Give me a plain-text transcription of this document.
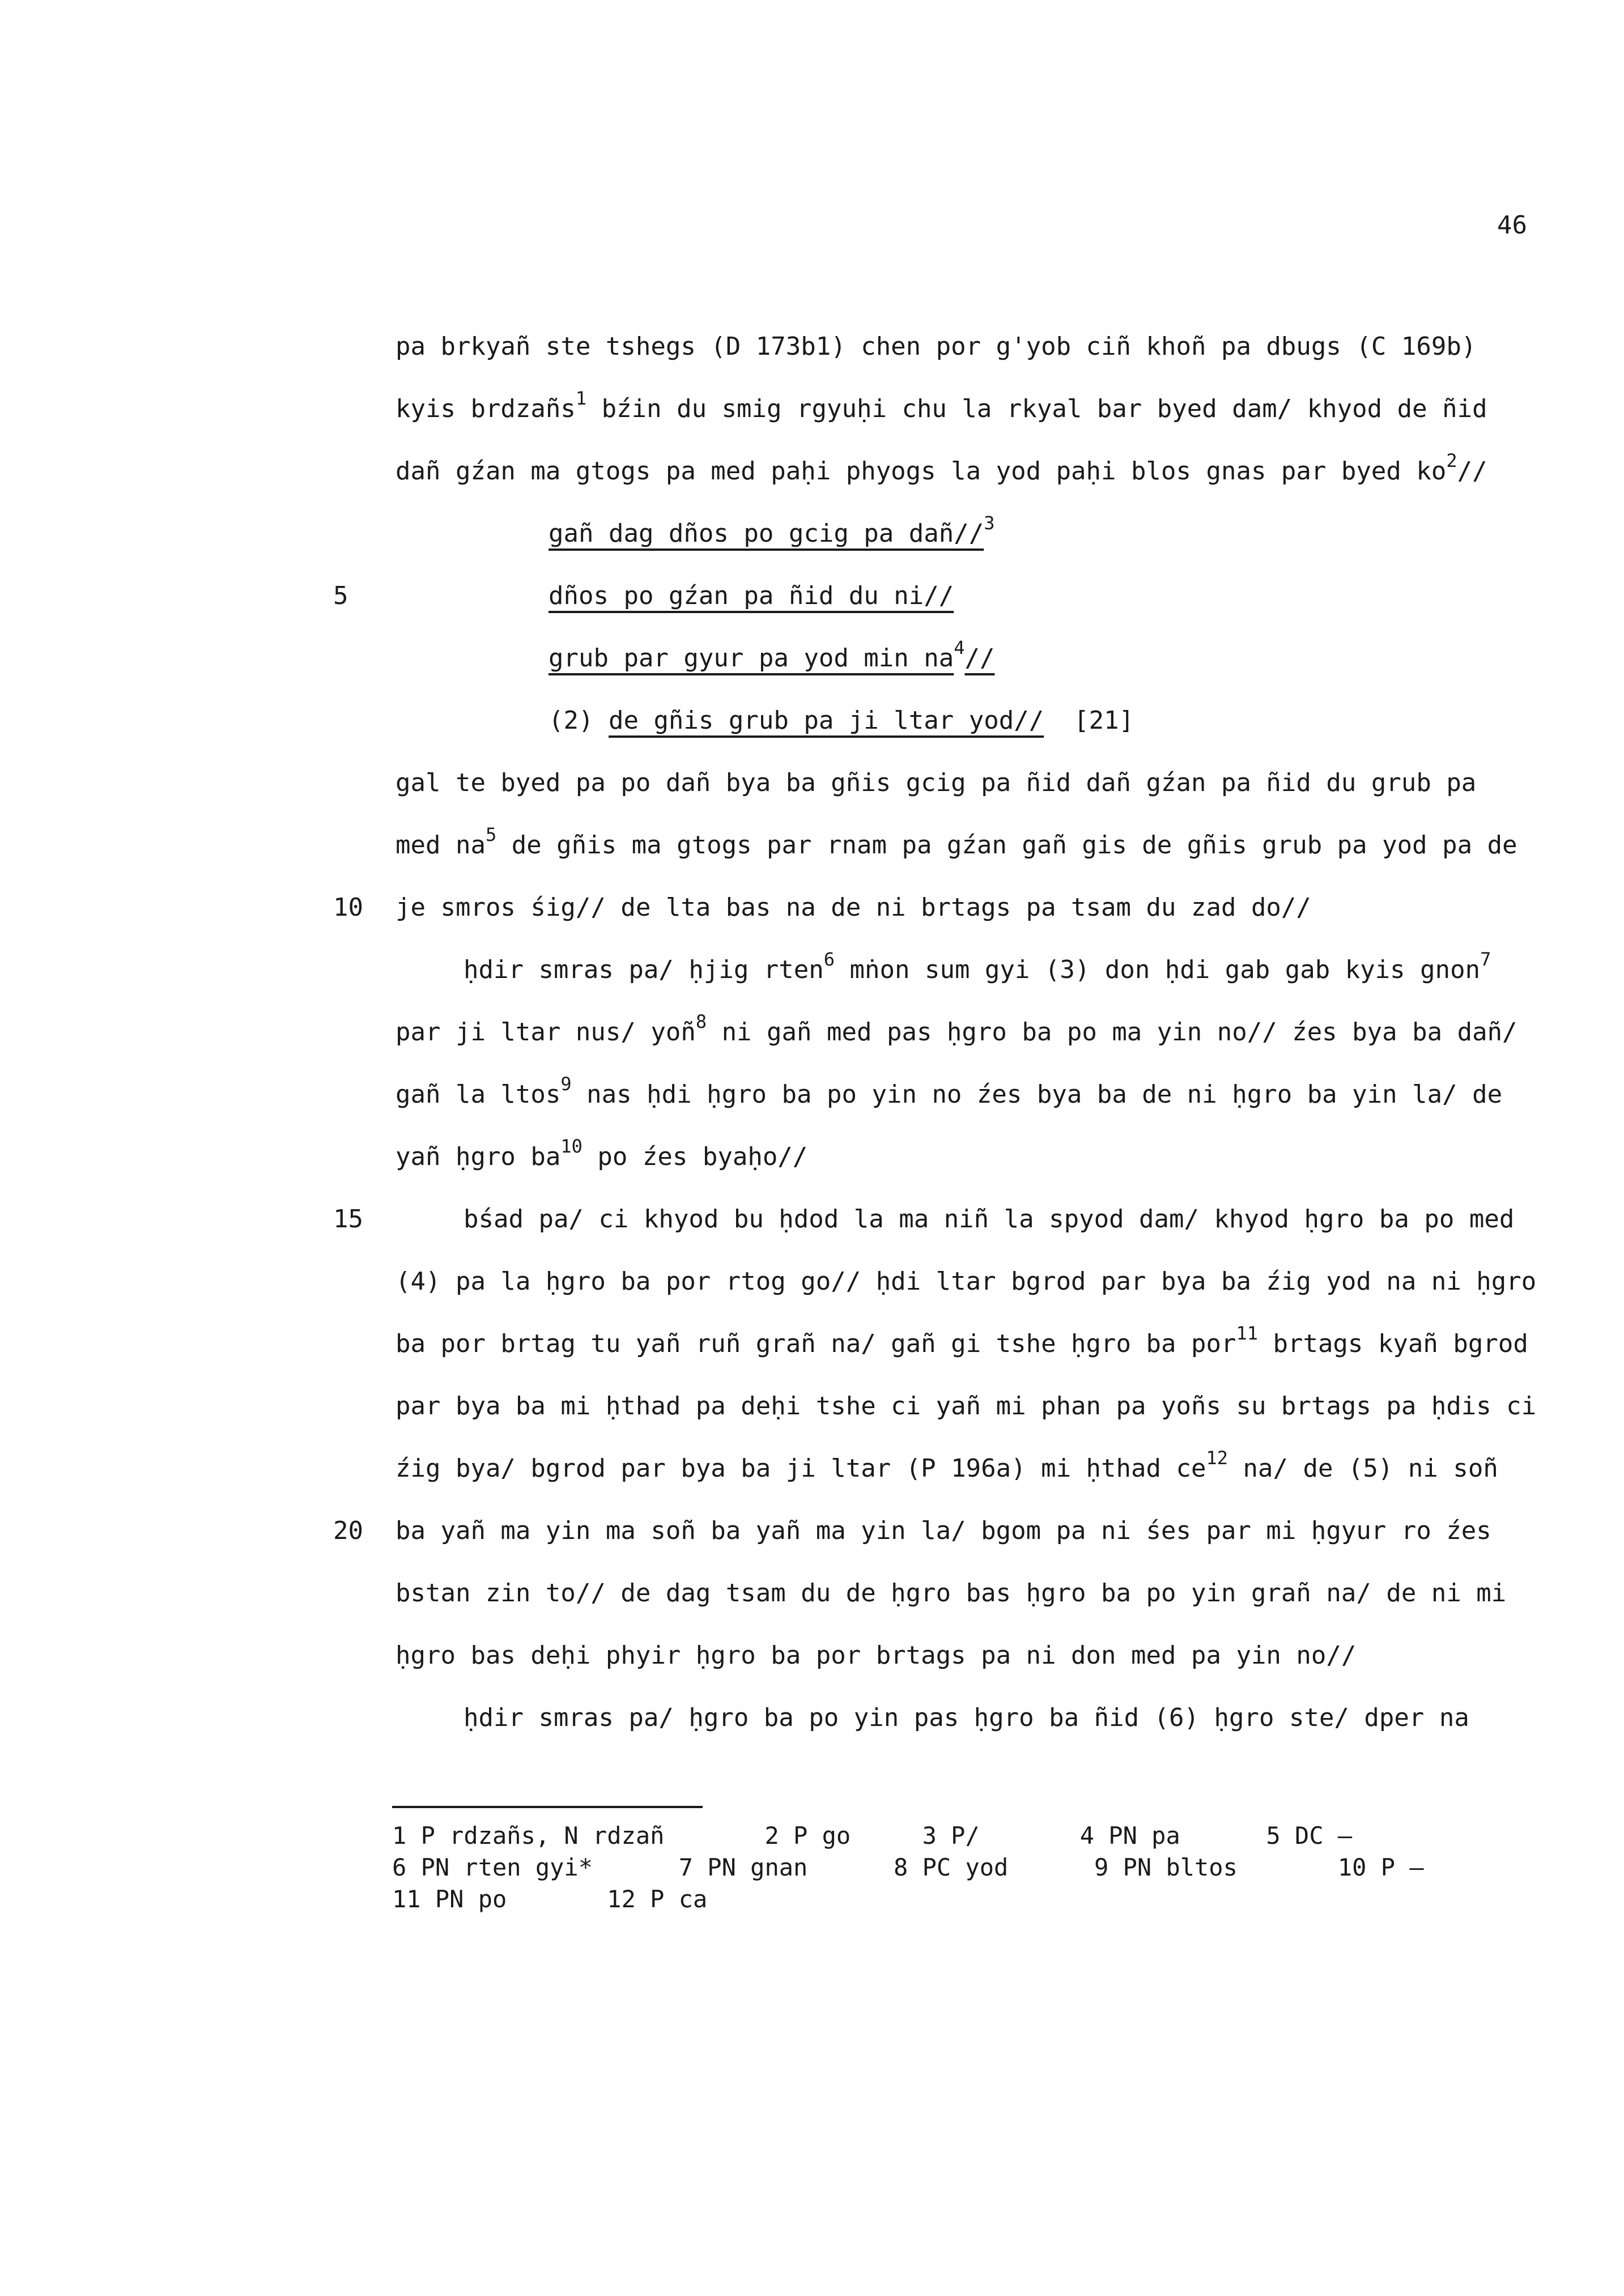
46
pa brkyañ ste tshegs (D 173b1) chen por g'yob ciñ khoñ pa dbugs (C 169b)
kyis brdzañs$^1$ bźin du smig rgyuḥi chu la rkyal bar byed dam/ khyod de ñid
dañ gźan ma gtogs pa med paḥi phyogs la yod paḥi blos gnas par byed $ko^2//$
gañ dag dños po gcig pa dañ//$^3$
5	dños po gźan pa ñid du ni//
grub par gyur pa yod $\min na^4//$
(2) de gñis grub pa ji ltar yod//  [21]
gal te byed pa po dañ bya ba gñis gcig pa ñid dañ gźan pa ñid du grub pa
med $na^5$ de gñis ma gtogs par rnam pa gźan gañ gis de gñis grub pa yod pa de
10 je smros śig// de lta bas na de ni brtags pa tsam du zad do//
ḥdir smras pa/ ḥjig rten$^6$ mṅon sum gyi (3) don ḥdi gab gab kyis gnon$^7$
par ji ltar nus/ yoñ$^8$ ni gañ med pas ḥgro ba po ma yin no// źes bya ba dañ/
gañ la ltos$^9$ nas ḥdi ḥgro ba po yin no źes bya ba de ni ḥgro ba yin la/ de
yañ ḥgro $ba^{10}$ po źes byaḥo//
15	bśad pa/ ci khyod bu ḥdod la ma niñ la spyod dam/ khyod ḥgro ba po med
(4) pa la ḥgro ba por rtog go// ḥdi ltar bgrod par bya ba źig yod na ni ḥgro
ba por brtag tu yañ ruñ grañ na/ gañ gi tshe ḥgro ba por$^{11}$ brtags kyañ bgrod
par bya ba mi ḥthad pa deḥi tshe ci yañ mi phan pa yoñs su brtags pa ḥdis ci
źig bya/ bgrod par bya ba ji ltar (P 196a) mi ḥthad $ce^{12}$ na/ de (5) ni soñ
20 ba yañ ma yin ma soñ ba yañ ma yin la/ bgom pa ni śes par mi ḥgyur ro źes
bstan zin to// de dag tsam du de ḥgro bas ḥgro ba po yin grañ na/ de ni mi
ḥgro bas deḥi phyir ḥgro ba por brtags pa ni don med pa yin no//
ḥdir smras pa/ ḥgro ba po yin pas ḥgro ba ñid (6) ḥgro ste/ dper na
1 P rdzañs, N rdzañ       2 P go     3 P/       4 PN pa      5 DC —
6 PN rten gyi*      7 PN gnan      8 PC yod      9 PN bltos       10 P —
11 PN po       12 P ca
